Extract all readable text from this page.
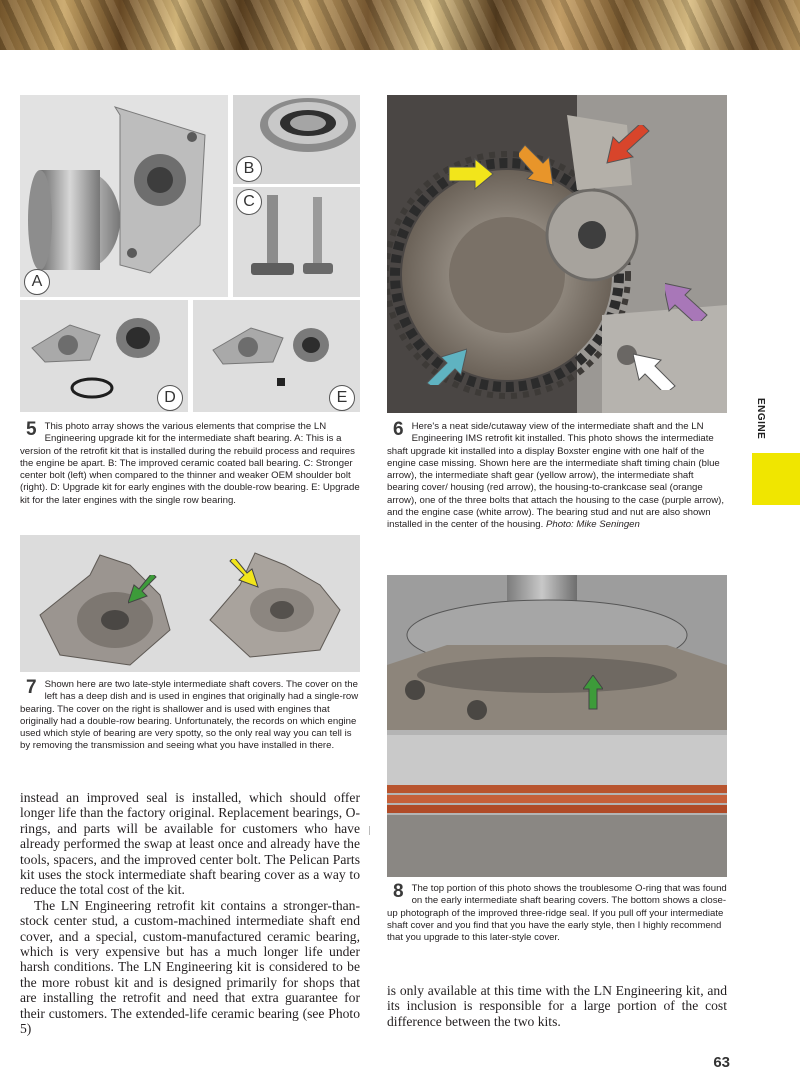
A
B
C
D	E
5 This photo array shows the various elements that comprise the LN Engineering upgrade kit for the intermediate shaft bearing. A: This is a version of the retrofit kit that is installed during the rebuild process and requires the engine be apart. B: The improved ceramic coated ball bearing. C: Stronger center bolt (left) when compared to the thinner and weaker OEM shoulder bolt (right). D: Upgrade kit for early engines with the double-row bearing. E: Upgrade kit for the later engines with the single row bearing.
6 Here's a neat side/cutaway view of the intermediate shaft and the LN Engineering IMS retrofit kit installed. This photo shows the intermediate shaft upgrade kit installed into a display Boxster engine with one half of the engine case missing. Shown here are the intermediate shaft timing chain (blue arrow), the intermediate shaft gear (yellow arrow), the intermediate shaft bearing cover/ housing (red arrow), the housing-to-crankcase seal (orange arrow), one of the three bolts that attach the housing to the case (purple arrow), and the engine case (white arrow). The bearing stud and nut are also shown installed in the center of the housing. Photo: Mike Seningen
ENGINE
7 Shown here are two late-style intermediate shaft covers. The cover on the left has a deep dish and is used in engines that originally had a single-row bearing. The cover on the right is shallower and is used with engines that originally had a double-row bearing. Unfortunately, the records on which engine used which style of bearing are very spotty, so the only real way you can tell is by removing the transmission and seeing what you have installed in there.
8 The top portion of this photo shows the troublesome O-ring that was found on the early intermediate shaft bearing covers. The bottom shows a close-up photograph of the improved three-ridge seal. If you pull off your intermediate shaft cover and you find that you have the early style, then I highly recommend that you upgrade to this later-style cover.

instead an improved seal is installed, which should offer longer life than the factory original. Replacement bearings, O-rings, and parts will be available for customers who have already performed the swap at least once and already have the tools, spacers, and the improved center bolt. The Pelican Parts kit uses the stock intermediate shaft bearing cover as a way to reduce the total cost of the kit.

The LN Engineering retrofit kit contains a stronger-than-stock center stud, a custom-machined intermediate shaft end cover, and a special, custom-manufactured ceramic bearing, which is very expensive but has a much longer life under harsh conditions. The LN Engineering kit is considered to be the more robust kit and is designed primarily for shops that are installing the retrofit and need that extra guarantee for their customers. The extended-life ceramic bearing (see Photo 5)

is only available at this time with the LN Engineering kit, and its inclusion is responsible for a large portion of the cost difference between the two kits.

63
